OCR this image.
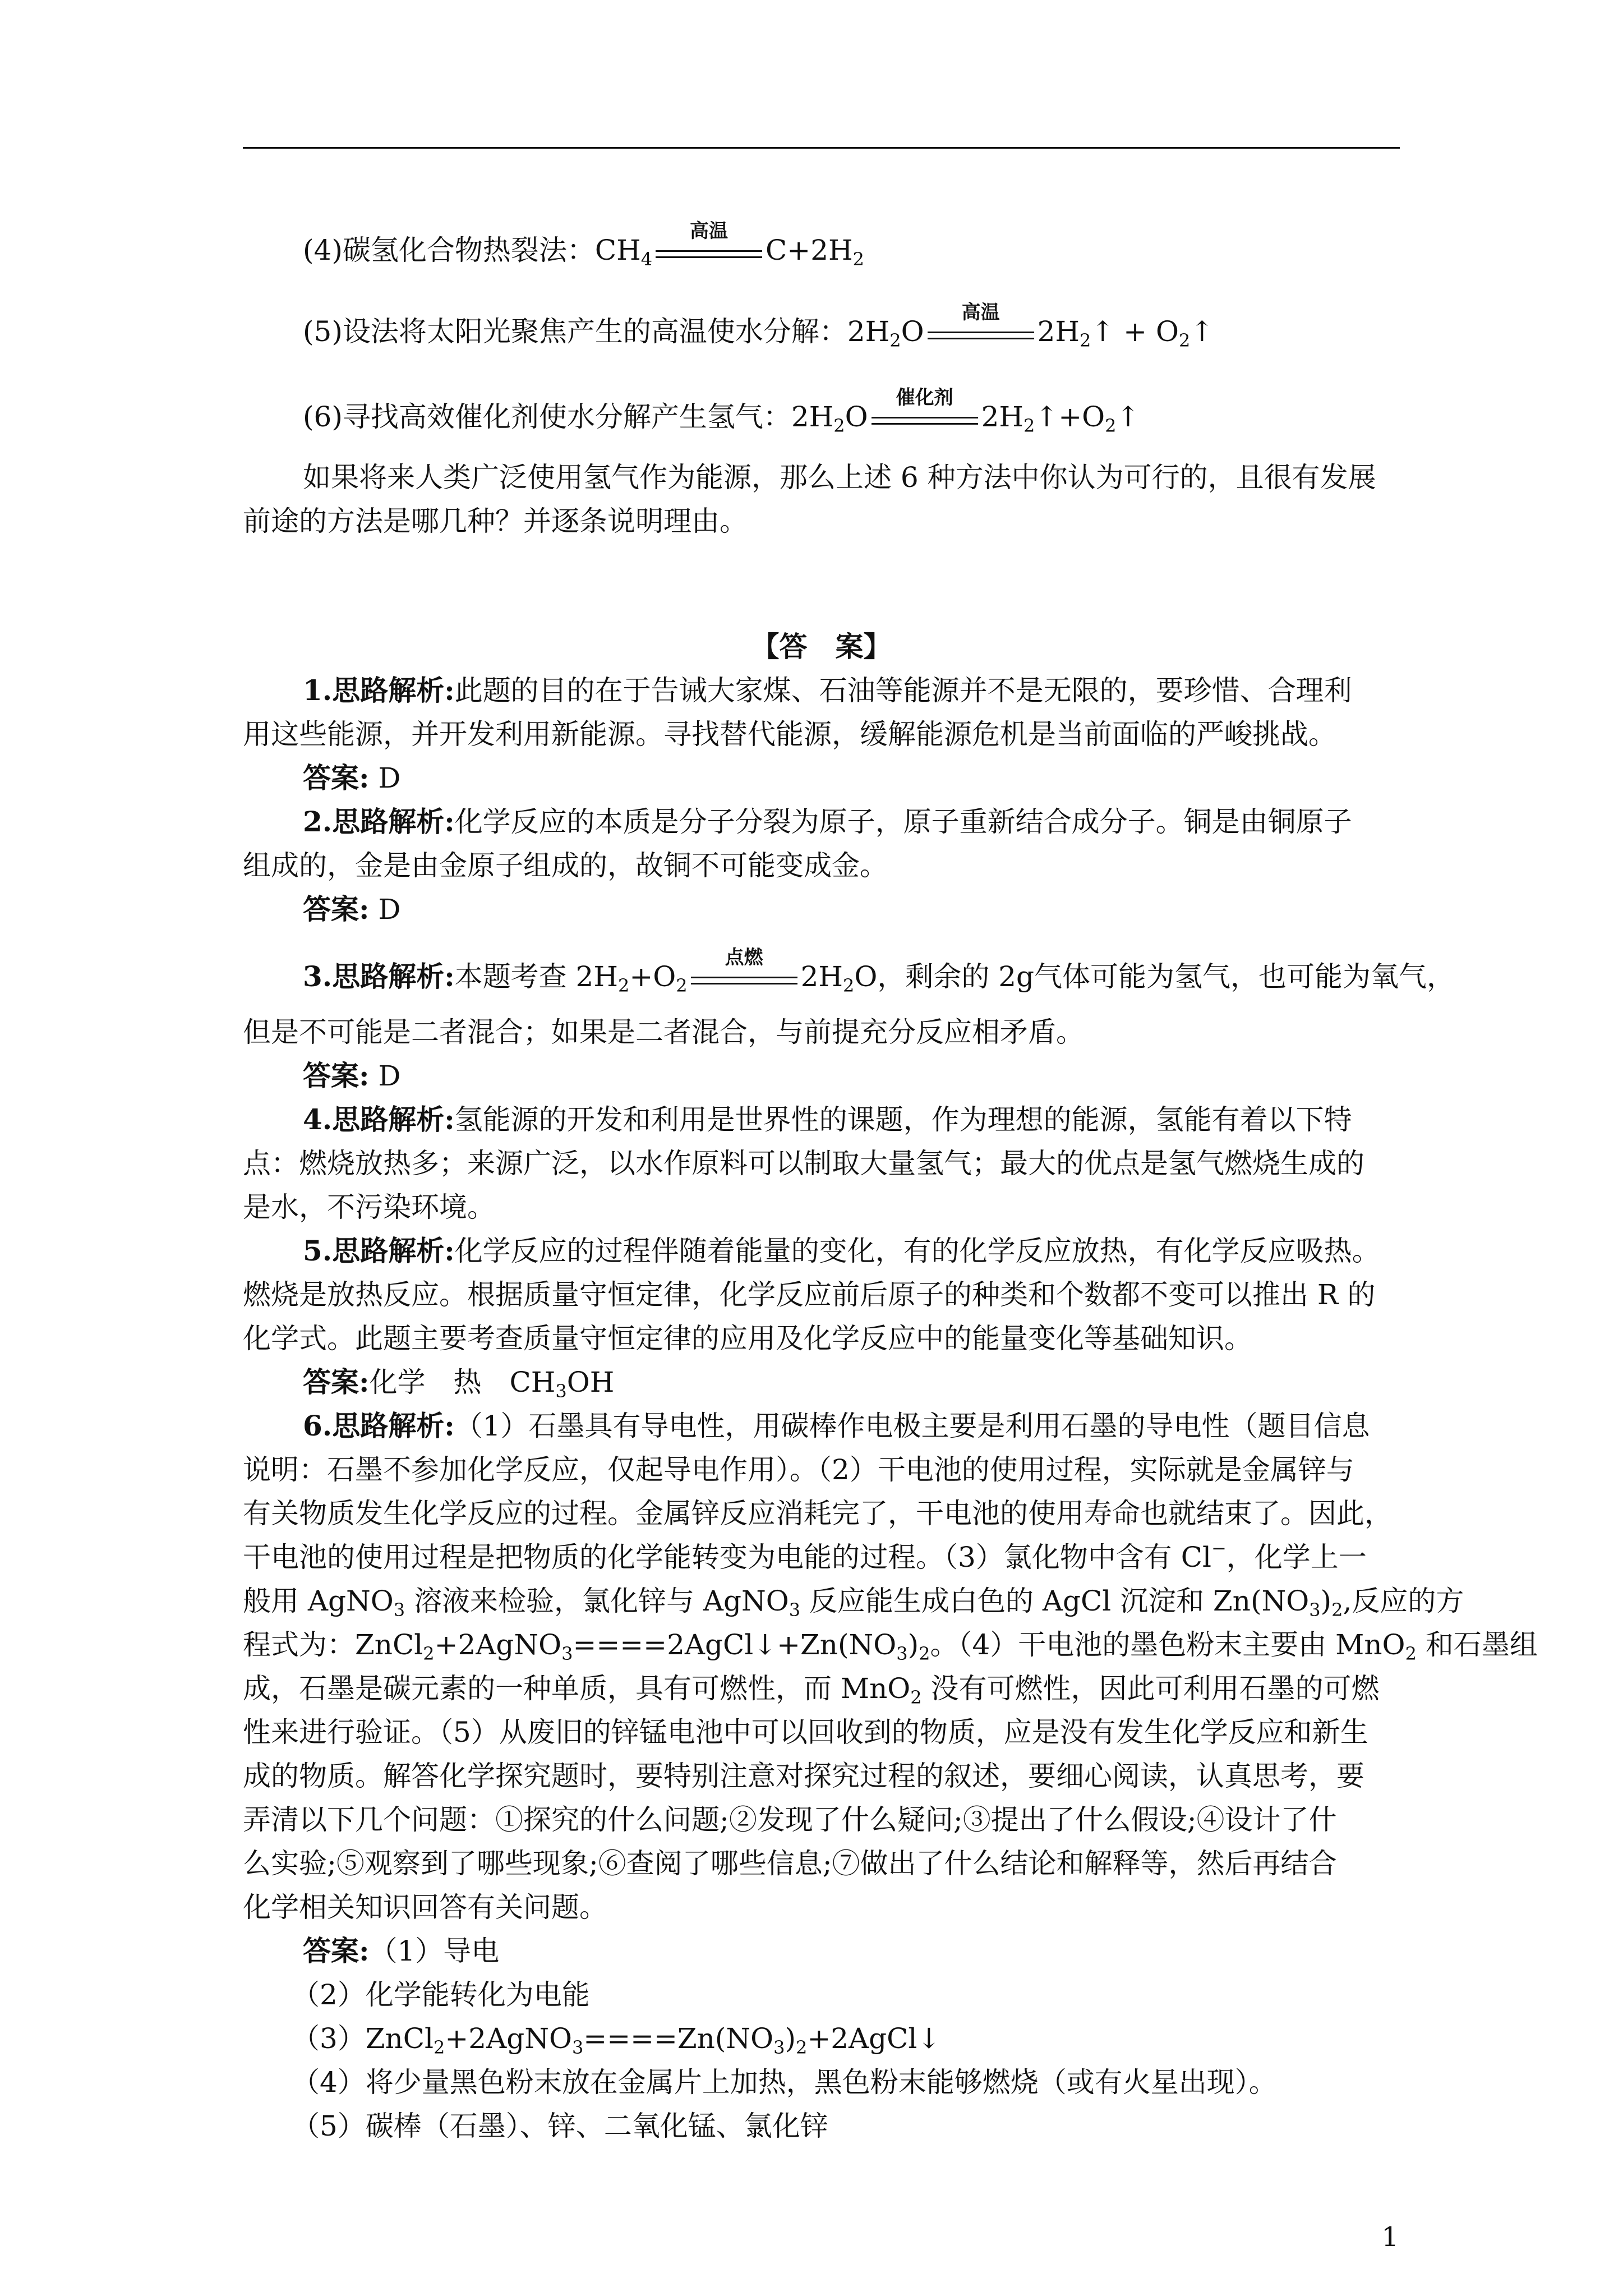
(4)碳氢化合物热裂法：$CH_4$
高温
$C+2H_2$
(5)设法将太阳光聚焦产生的高温使水分解：$2H_2O$
高温
$2H_2↑$ + $O_2↑$
(6)寻找高效催化剂使水分解产生氢气：$2H_2O$
催化剂
$2H_2↑+O_2↑$
如果将来人类广泛使用氢气作为能源，那么上述 6 种方法中你认为可行的，且很有发展
前途的方法是哪几种？并逐条说明理由。
【答　案】
1.思路解析:此题的目的在于告诫大家煤、石油等能源并不是无限的，要珍惜、合理利
用这些能源，并开发利用新能源。寻找替代能源，缓解能源危机是当前面临的严峻挑战。
答案: D
2.思路解析:化学反应的本质是分子分裂为原子，原子重新结合成分子。铜是由铜原子
组成的，金是由金原子组成的，故铜不可能变成金。
答案: D
3.思路解析:本题考查 $2H_2+O_2$
点燃
$2H_2O$，剩余的 2g气体可能为氢气，也可能为氧气，
但是不可能是二者混合；如果是二者混合，与前提充分反应相矛盾。
答案: D
4.思路解析:氢能源的开发和利用是世界性的课题，作为理想的能源，氢能有着以下特
点：燃烧放热多；来源广泛，以水作原料可以制取大量氢气；最大的优点是氢气燃烧生成的
是水，不污染环境。
5.思路解析:化学反应的过程伴随着能量的变化，有的化学反应放热，有化学反应吸热。
燃烧是放热反应。根据质量守恒定律，化学反应前后原子的种类和个数都不变可以推出 R 的
化学式。此题主要考查质量守恒定律的应用及化学反应中的能量变化等基础知识。
答案:化学　热　$CH_3OH$
6.思路解析:（1）石墨具有导电性，用碳棒作电极主要是利用石墨的导电性（题目信息
说明：石墨不参加化学反应，仅起导电作用）。（2）干电池的使用过程，实际就是金属锌与
有关物质发生化学反应的过程。金属锌反应消耗完了，干电池的使用寿命也就结束了。因此，
干电池的使用过程是把物质的化学能转变为电能的过程。（3）氯化物中含有 Cl−，化学上一
般用 AgNO$_3$ 溶液来检验，氯化锌与 AgNO$_3$ 反应能生成白色的 AgCl 沉淀和 $Zn(NO_3)_2$,反应的方
程式为：$ZnCl_2+2AgNO_3====2AgCl↓+Zn(NO_3)_2$。（4）干电池的墨色粉末主要由 MnO$_2$ 和石墨组
成，石墨是碳元素的一种单质，具有可燃性，而 MnO$_2$ 没有可燃性，因此可利用石墨的可燃
性来进行验证。（5）从废旧的锌锰电池中可以回收到的物质，应是没有发生化学反应和新生
成的物质。解答化学探究题时，要特别注意对探究过程的叙述，要细心阅读，认真思考，要
弄清以下几个问题：①探究的什么问题;②发现了什么疑问;③提出了什么假设;④设计了什
么实验;⑤观察到了哪些现象;⑥查阅了哪些信息;⑦做出了什么结论和解释等，然后再结合
化学相关知识回答有关问题。
答案:（1）导电
（2）化学能转化为电能
$(3)ZnCl_2+2AgNO_3====Zn(NO_3)_2+2AgCl↓$
（4）将少量黑色粉末放在金属片上加热，黑色粉末能够燃烧（或有火星出现）。
（5）碳棒（石墨）、锌、二氧化锰、氯化锌
1
